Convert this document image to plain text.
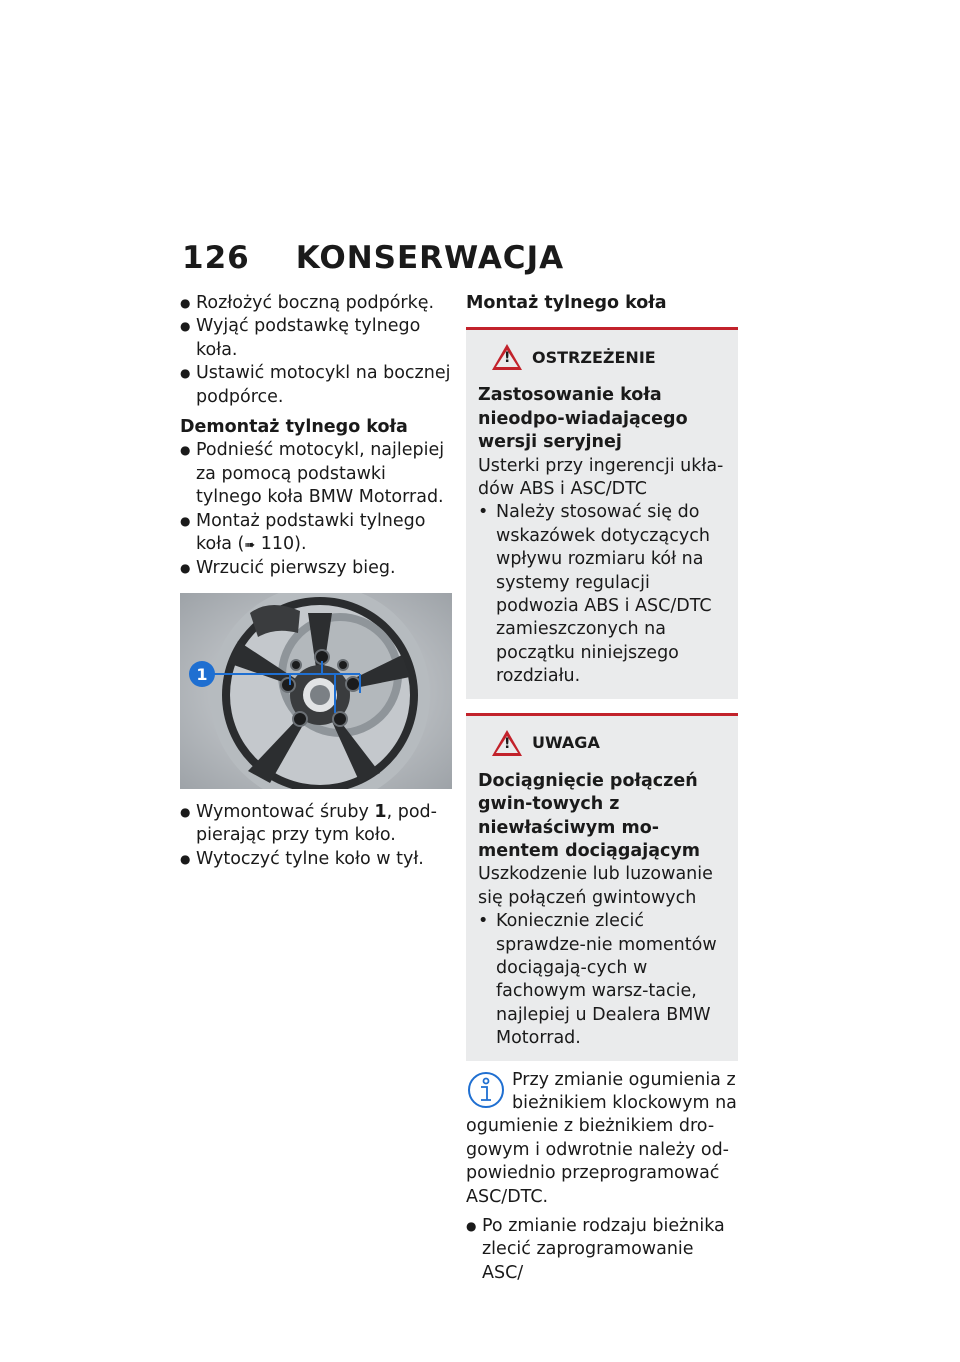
126 KONSERWACJA
● Rozłożyć boczną podpórkę.
● Wyjąć podstawkę tylnego koła.
● Ustawić motocykl na bocznej podpórce.
Demontaż tylnego koła
● Podnieść motocykl, najlepiej za pomocą podstawki tylnego koła BMW Motorrad.
● Montaż podstawki tylnego koła (➠ 110).
● Wrzucić pierwszy bieg.
1
● Wymontować śruby 1, pod-pierając przy tym koło.
● Wytoczyć tylne koło w tył.
Montaż tylnego koła
! OSTRZEŻENIE
Zastosowanie koła nieodpo-wiadającego wersji seryjnej
Usterki przy ingerencji ukła-dów ABS i ASC/DTC
• Należy stosować się do wskazówek dotyczących wpływu rozmiaru kół na systemy regulacji podwozia ABS i ASC/DTC zamieszczonych na początku niniejszego rozdziału.
! UWAGA
Dociągnięcie połączeń gwin-towych z niewłaściwym mo-mentem dociągającym
Uszkodzenie lub luzowanie się połączeń gwintowych
• Koniecznie zlecić sprawdze-nie momentów dociągają-cych w fachowym warsz-tacie, najlepiej u Dealera BMW Motorrad.
Przy zmianie ogumienia z bieżnikiem klockowym na ogumienie z bieżnikiem dro-gowym i odwrotnie należy od-powiednio przeprogramować ASC/DTC.
● Po zmianie rodzaju bieżnika zlecić zaprogramowanie ASC/
